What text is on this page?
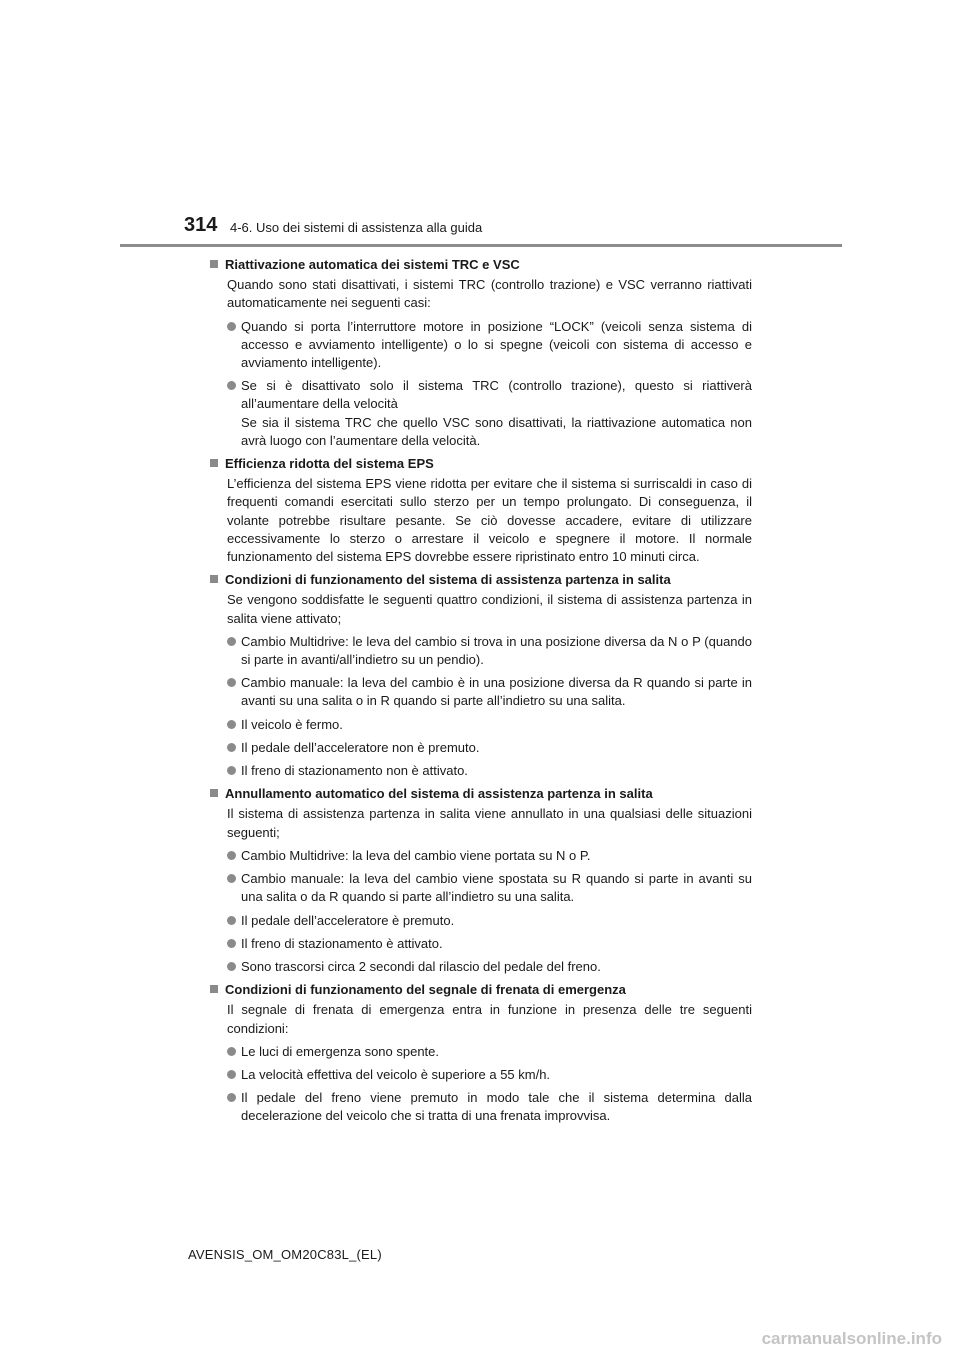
314 4-6. Uso dei sistemi di assistenza alla guida
Riattivazione automatica dei sistemi TRC e VSC
Quando sono stati disattivati, i sistemi TRC (controllo trazione) e VSC verranno riattivati automaticamente nei seguenti casi:
Quando si porta l’interruttore motore in posizione “LOCK” (veicoli senza sistema di accesso e avviamento intelligente) o lo si spegne (veicoli con sistema di accesso e avviamento intelligente).
Se si è disattivato solo il sistema TRC (controllo trazione), questo si riattiverà all’aumentare della velocità
Se sia il sistema TRC che quello VSC sono disattivati, la riattivazione automatica non avrà luogo con l’aumentare della velocità.
Efficienza ridotta del sistema EPS
L’efficienza del sistema EPS viene ridotta per evitare che il sistema si surriscaldi in caso di frequenti comandi esercitati sullo sterzo per un tempo prolungato. Di conseguenza, il volante potrebbe risultare pesante. Se ciò dovesse accadere, evitare di utilizzare eccessivamente lo sterzo o arrestare il veicolo e spegnere il motore. Il normale funzionamento del sistema EPS dovrebbe essere ripristinato entro 10 minuti circa.
Condizioni di funzionamento del sistema di assistenza partenza in salita
Se vengono soddisfatte le seguenti quattro condizioni, il sistema di assistenza partenza in salita viene attivato;
Cambio Multidrive: le leva del cambio si trova in una posizione diversa da N o P (quando si parte in avanti/all’indietro su un pendio).
Cambio manuale: la leva del cambio è in una posizione diversa da R quando si parte in avanti su una salita o in R quando si parte all’indietro su una salita.
Il veicolo è fermo.
Il pedale dell’acceleratore non è premuto.
Il freno di stazionamento non è attivato.
Annullamento automatico del sistema di assistenza partenza in salita
Il sistema di assistenza partenza in salita viene annullato in una qualsiasi delle situazioni seguenti;
Cambio Multidrive: la leva del cambio viene portata su N o P.
Cambio manuale: la leva del cambio viene spostata su R quando si parte in avanti su una salita o da R quando si parte all’indietro su una salita.
Il pedale dell’acceleratore è premuto.
Il freno di stazionamento è attivato.
Sono trascorsi circa 2 secondi dal rilascio del pedale del freno.
Condizioni di funzionamento del segnale di frenata di emergenza
Il segnale di frenata di emergenza entra in funzione in presenza delle tre seguenti condizioni:
Le luci di emergenza sono spente.
La velocità effettiva del veicolo è superiore a 55 km/h.
Il pedale del freno viene premuto in modo tale che il sistema determina dalla decelerazione del veicolo che si tratta di una frenata improvvisa.
AVENSIS_OM_OM20C83L_(EL)
carmanualsonline.info
